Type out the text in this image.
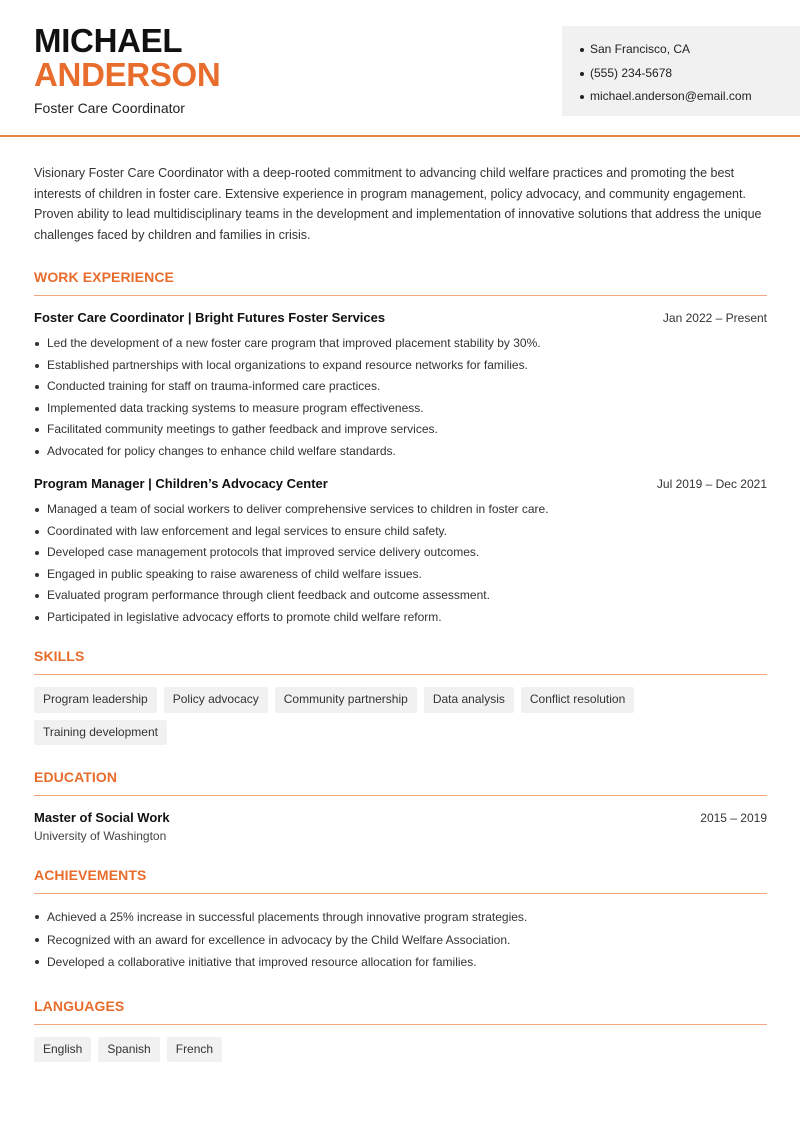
MICHAEL
ANDERSON
Foster Care Coordinator
San Francisco, CA
(555) 234-5678
michael.anderson@email.com

Visionary Foster Care Coordinator with a deep-rooted commitment to advancing child welfare practices and promoting the best interests of children in foster care. Extensive experience in program management, policy advocacy, and community engagement. Proven ability to lead multidisciplinary teams in the development and implementation of innovative solutions that address the unique challenges faced by children and families in crisis.

WORK EXPERIENCE
Foster Care Coordinator | Bright Futures Foster Services	Jan 2022 – Present
Led the development of a new foster care program that improved placement stability by 30%.
Established partnerships with local organizations to expand resource networks for families.
Conducted training for staff on trauma-informed care practices.
Implemented data tracking systems to measure program effectiveness.
Facilitated community meetings to gather feedback and improve services.
Advocated for policy changes to enhance child welfare standards.
Program Manager | Children’s Advocacy Center	Jul 2019 – Dec 2021
Managed a team of social workers to deliver comprehensive services to children in foster care.
Coordinated with law enforcement and legal services to ensure child safety.
Developed case management protocols that improved service delivery outcomes.
Engaged in public speaking to raise awareness of child welfare issues.
Evaluated program performance through client feedback and outcome assessment.
Participated in legislative advocacy efforts to promote child welfare reform.
SKILLS
Program leadership	Policy advocacy	Community partnership	Data analysis	Conflict resolution
Training development
EDUCATION
Master of Social Work	2015 – 2019
University of Washington
ACHIEVEMENTS
Achieved a 25% increase in successful placements through innovative program strategies.
Recognized with an award for excellence in advocacy by the Child Welfare Association.
Developed a collaborative initiative that improved resource allocation for families.
LANGUAGES
English	Spanish	French
